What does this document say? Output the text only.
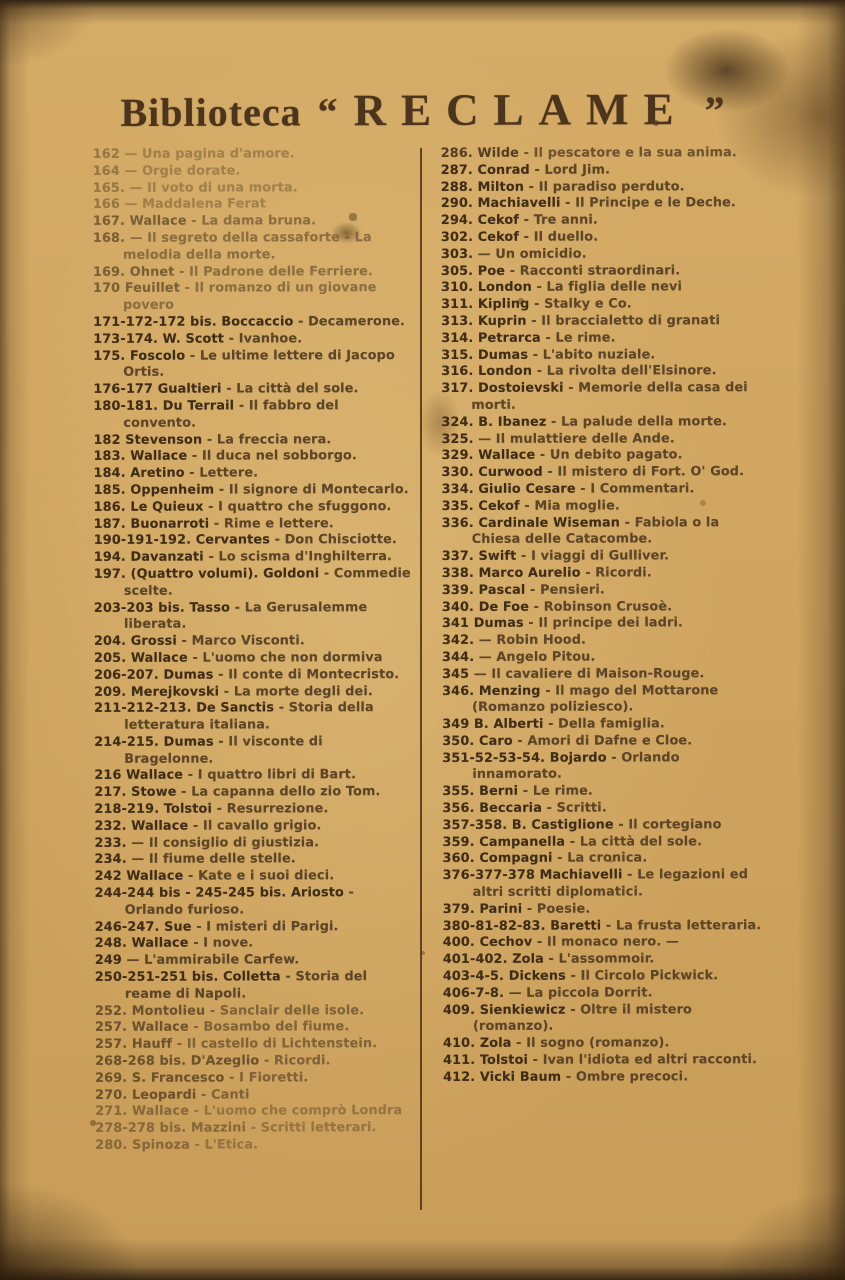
Biblioteca “ RECLAME ”
162 — Una pagina d'amore.
164 — Orgie dorate.
165. — Il voto di una morta.
166 — Maddalena Ferat
167. Wallace - La dama bruna.
168. — Il segreto della cassaforte - La melodia della morte.
169. Ohnet - Il Padrone delle Ferriere.
170 Feuillet - Il romanzo di un giovane povero
171-172-172 bis. Boccaccio - Decamerone.
173-174. W. Scott - Ivanhoe.
175. Foscolo - Le ultime lettere di Jacopo Ortis.
176-177 Gualtieri - La città del sole.
180-181. Du Terrail - Il fabbro del convento.
182 Stevenson - La freccia nera.
183. Wallace - Il duca nel sobborgo.
184. Aretino - Lettere.
185. Oppenheim - Il signore di Montecarlo.
186. Le Quieux - I quattro che sfuggono.
187. Buonarroti - Rime e lettere.
190-191-192. Cervantes - Don Chisciotte.
194. Davanzati - Lo scisma d'Inghilterra.
197. (Quattro volumi). Goldoni - Commedie scelte.
203-203 bis. Tasso - La Gerusalemme liberata.
204. Grossi - Marco Visconti.
205. Wallace - L'uomo che non dormiva
206-207. Dumas - Il conte di Montecristo.
209. Merejkovski - La morte degli dei.
211-212-213. De Sanctis - Storia della letteratura italiana.
214-215. Dumas - Il visconte di Bragelonne.
216 Wallace - I quattro libri di Bart.
217. Stowe - La capanna dello zio Tom.
218-219. Tolstoi - Resurrezione.
232. Wallace - Il cavallo grigio.
233. — Il consiglio di giustizia.
234. — Il fiume delle stelle.
242 Wallace - Kate e i suoi dieci.
244-244 bis - 245-245 bis. Ariosto - Orlando furioso.
246-247. Sue - I misteri di Parigi.
248. Wallace - I nove.
249 — L'ammirabile Carfew.
250-251-251 bis. Colletta - Storia del reame di Napoli.
252. Montolieu - Sanclair delle isole.
257. Wallace - Bosambo del fiume.
257. Hauff - Il castello di Lichtenstein.
268-268 bis. D'Azeglio - Ricordi.
269. S. Francesco - I Fioretti.
270. Leopardi - Canti
271. Wallace - L'uomo che comprò Londra
278-278 bis. Mazzini - Scritti letterari.
280. Spinoza - L'Etica.
286. Wilde - Il pescatore e la sua anima.
287. Conrad - Lord Jim.
288. Milton - Il paradiso perduto.
290. Machiavelli - Il Principe e le Deche.
294. Cekof - Tre anni.
302. Cekof - Il duello.
303. — Un omicidio.
305. Poe - Racconti straordinari.
310. London - La figlia delle nevi
311. Kipling - Stalky e Co.
313. Kuprin - Il braccialetto di granati
314. Petrarca - Le rime.
315. Dumas - L'abito nuziale.
316. London - La rivolta dell'Elsinore.
317. Dostoievski - Memorie della casa dei morti.
324. B. Ibanez - La palude della morte.
325. — Il mulattiere delle Ande.
329. Wallace - Un debito pagato.
330. Curwood - Il mistero di Fort. O' God.
334. Giulio Cesare - I Commentari.
335. Cekof - Mia moglie.
336. Cardinale Wiseman - Fabiola o la Chiesa delle Catacombe.
337. Swift - I viaggi di Gulliver.
338. Marco Aurelio - Ricordi.
339. Pascal - Pensieri.
340. De Foe - Robinson Crusoè.
341 Dumas - Il principe dei ladri.
342. — Robin Hood.
344. — Angelo Pitou.
345 — Il cavaliere di Maison-Rouge.
346. Menzing - Il mago del Mottarone (Romanzo poliziesco).
349 B. Alberti - Della famiglia.
350. Caro - Amori di Dafne e Cloe.
351-52-53-54. Bojardo - Orlando innamorato.
355. Berni - Le rime.
356. Beccaria - Scritti.
357-358. B. Castiglione - Il cortegiano
359. Campanella - La città del sole.
360. Compagni - La cronica.
376-377-378 Machiavelli - Le legazioni ed altri scritti diplomatici.
379. Parini - Poesie.
380-81-82-83. Baretti - La frusta letteraria.
400. Cechov - Il monaco nero. —
401-402. Zola - L'assommoir.
403-4-5. Dickens - Il Circolo Pickwick.
406-7-8. — La piccola Dorrit.
409. Sienkiewicz - Oltre il mistero (romanzo).
410. Zola - Il sogno (romanzo).
411. Tolstoi - Ivan l'idiota ed altri racconti.
412. Vicki Baum - Ombre precoci.
